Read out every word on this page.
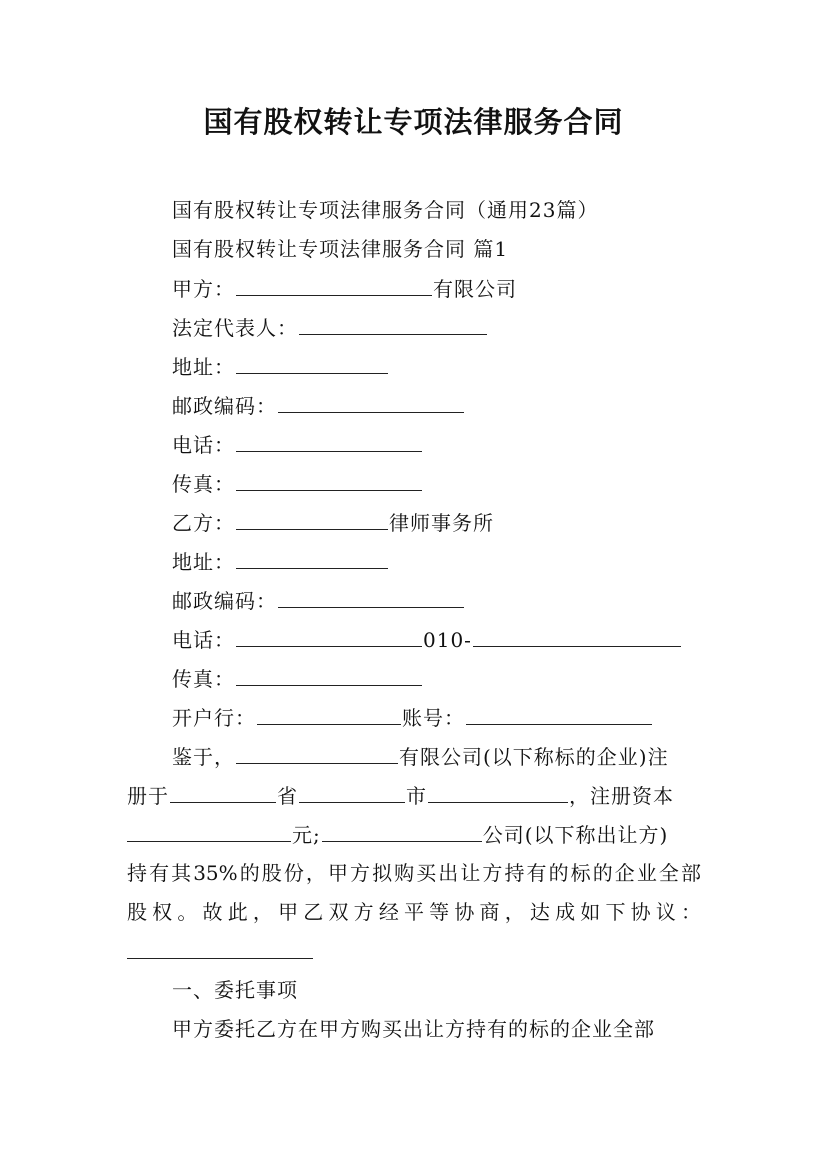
国有股权转让专项法律服务合同
国有股权转让专项法律服务合同（通用23篇）
国有股权转让专项法律服务合同 篇1
甲方：	有限公司
法定代表人：
地址：
邮政编码：
电话：
传真：
乙方：	律师事务所
地址：
邮政编码：
电话：	010-
传真：
开户行：	账号：
鉴于，	有限公司(以下称标的企业)注
册于	省	市	，注册资本
元;	公司(以下称出让方)
持有其35%的股份，甲方拟购买出让方持有的标的企业全部
股权。故此，甲乙双方经平等协商，达成如下协议：
一、委托事项
甲方委托乙方在甲方购买出让方持有的标的企业全部
